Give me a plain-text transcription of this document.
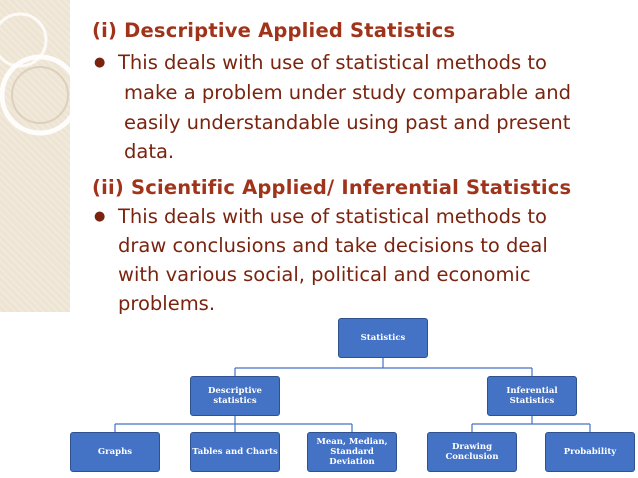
(i) Descriptive Applied Statistics
● This deals with use of statistical methods to
make a problem under study comparable and
easily understandable using past and present
data.
(ii) Scientific Applied/ Inferential Statistics
● This deals with use of statistical methods to
draw conclusions and take decisions to deal
with various social, political and economic
problems.
Statistics
Descriptive statistics
Inferential Statistics
Graphs	Tables and Charts
Mean, Median, Standard Deviation
Drawing Conclusion	Probability
